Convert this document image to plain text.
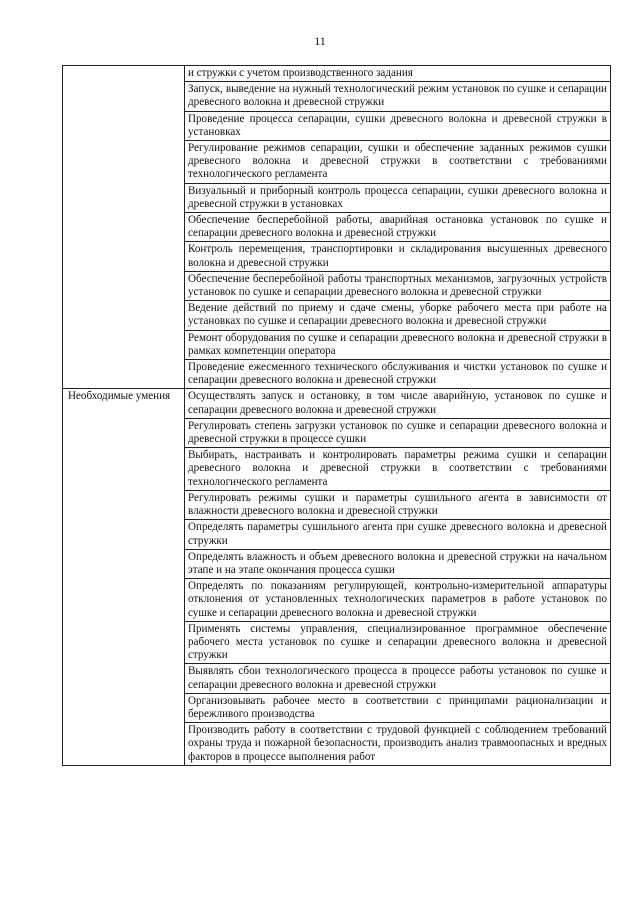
11
	и стружки с учетом производственного задания
	Запуск, выведение на нужный технологический режим установок по сушке и сепарации древесного волокна и древесной стружки
	Проведение процесса сепарации, сушки древесного волокна и древесной стружки в установках
	Регулирование режимов сепарации, сушки и обеспечение заданных режимов сушки древесного волокна и древесной стружки в соответствии с требованиями технологического регламента
	Визуальный и приборный контроль процесса сепарации, сушки древесного волокна и древесной стружки в установках
	Обеспечение бесперебойной работы, аварийная остановка установок по сушке и сепарации древесного волокна и древесной стружки
	Контроль перемещения, транспортировки и складирования высушенных древесного волокна и древесной стружки
	Обеспечение бесперебойной работы транспортных механизмов, загрузочных устройств установок по сушке и сепарации древесного волокна и древесной стружки
	Ведение действий по приему и сдаче смены, уборке рабочего места при работе на установках по сушке и сепарации древесного волокна и древесной стружки
	Ремонт оборудования по сушке и сепарации древесного волокна и древесной стружки в рамках компетенции оператора
	Проведение ежесменного технического обслуживания и чистки установок по сушке и сепарации древесного волокна и древесной стружки
Необходимые умения	Осуществлять запуск и остановку, в том числе аварийную, установок по сушке и сепарации древесного волокна и древесной стружки
	Регулировать степень загрузки установок по сушке и сепарации древесного волокна и древесной стружки в процессе сушки
	Выбирать, настраивать и контролировать параметры режима сушки и сепарации древесного волокна и древесной стружки в соответствии с требованиями технологического регламента
	Регулировать режимы сушки и параметры сушильного агента в зависимости от влажности древесного волокна и древесной стружки
	Определять параметры сушильного агента при сушке древесного волокна и древесной стружки
	Определять влажность и объем древесного волокна и древесной стружки на начальном этапе и на этапе окончания процесса сушки
	Определять по показаниям регулирующей, контрольно-измерительной аппаратуры отклонения от установленных технологических параметров в работе установок по сушке и сепарации древесного волокна и древесной стружки
	Применять системы управления, специализированное программное обеспечение рабочего места установок по сушке и сепарации древесного волокна и древесной стружки
	Выявлять сбои технологического процесса в процессе работы установок по сушке и сепарации древесного волокна и древесной стружки
	Организовывать рабочее место в соответствии с принципами рационализации и бережливого производства
	Производить работу в соответствии с трудовой функцией с соблюдением требований охраны труда и пожарной безопасности, производить анализ травмоопасных и вредных факторов в процессе выполнения работ
